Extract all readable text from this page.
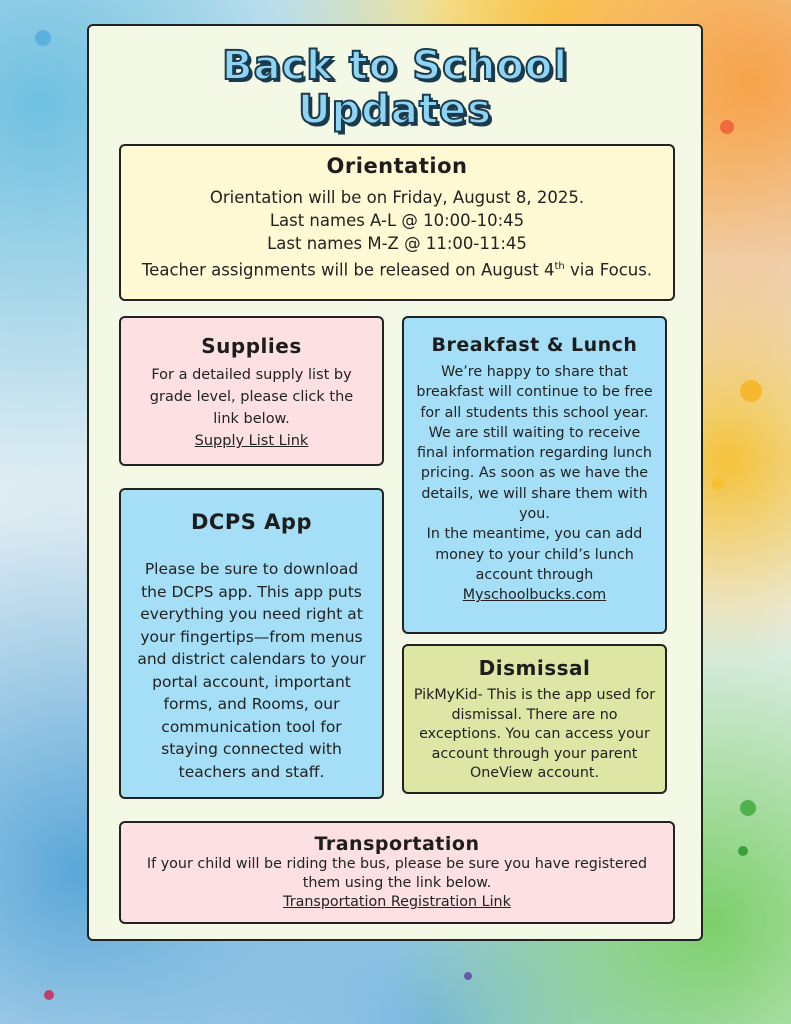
Back to School
Updates
Orientation

Orientation will be on Friday, August 8, 2025.

Last names A-L @ 10:00-10:45

Last names M-Z @ 11:00-11:45

Teacher assignments will be released on August 4th via Focus.

Supplies

For a detailed supply list by grade level, please click the link below.

Supply List Link

Breakfast & Lunch

We’re happy to share that breakfast will continue to be free for all students this school year. We are still waiting to receive final information regarding lunch pricing. As soon as we have the details, we will share them with you.

In the meantime, you can add money to your child’s lunch account through

Myschoolbucks.com

DCPS App

Please be sure to download the DCPS app. This app puts everything you need right at your fingertips—from menus and district calendars to your portal account, important forms, and Rooms, our communication tool for staying connected with teachers and staff.

Dismissal

PikMyKid- This is the app used for dismissal. There are no exceptions. You can access your account through your parent OneView account.

Transportation

If your child will be riding the bus, please be sure you have registered them using the link below.

Transportation Registration Link
